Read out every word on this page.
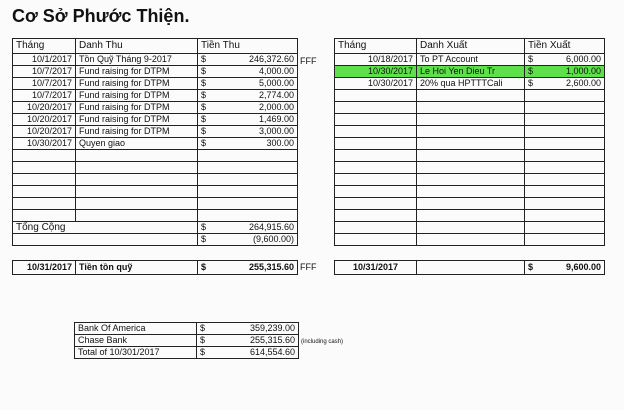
Cơ Sở Phước Thiện.
Tháng	Danh Thu	Tiền Thu	
10/1/2017	Tồn Quỹ Tháng 9-2017	$	246,372.60
10/7/2017	Fund raising for DTPM	$	4,000.00
10/7/2017	Fund raising for DTPM	$	5,000.00
10/7/2017	Fund raising for DTPM	$	2,774.00
10/20/2017	Fund raising for DTPM	$	2,000.00
10/20/2017	Fund raising for DTPM	$	1,469.00
10/20/2017	Fund raising for DTPM	$	3,000.00
10/30/2017	Quyen giao	$	300.00

Tổng Cộng		$	264,915.60
		$	(9,600.00)
FFF
10/31/2017	Tiền tồn quỹ	$	255,315.60 FFF
Tháng	Danh Xuất	Tiền Xuất	
10/18/2017	To PT Account	$	6,000.00
10/30/2017	Le Hoi Yen Dieu Tr	$	1,000.00
10/30/2017	20% qua HPTTTCali	$	2,600.00

10/31/2017		$	9,600.00
Bank Of America	$	359,239.00
Chase Bank	$	255,315.60
Total of 10/301/2017	$	614,554.60
(including cash)
